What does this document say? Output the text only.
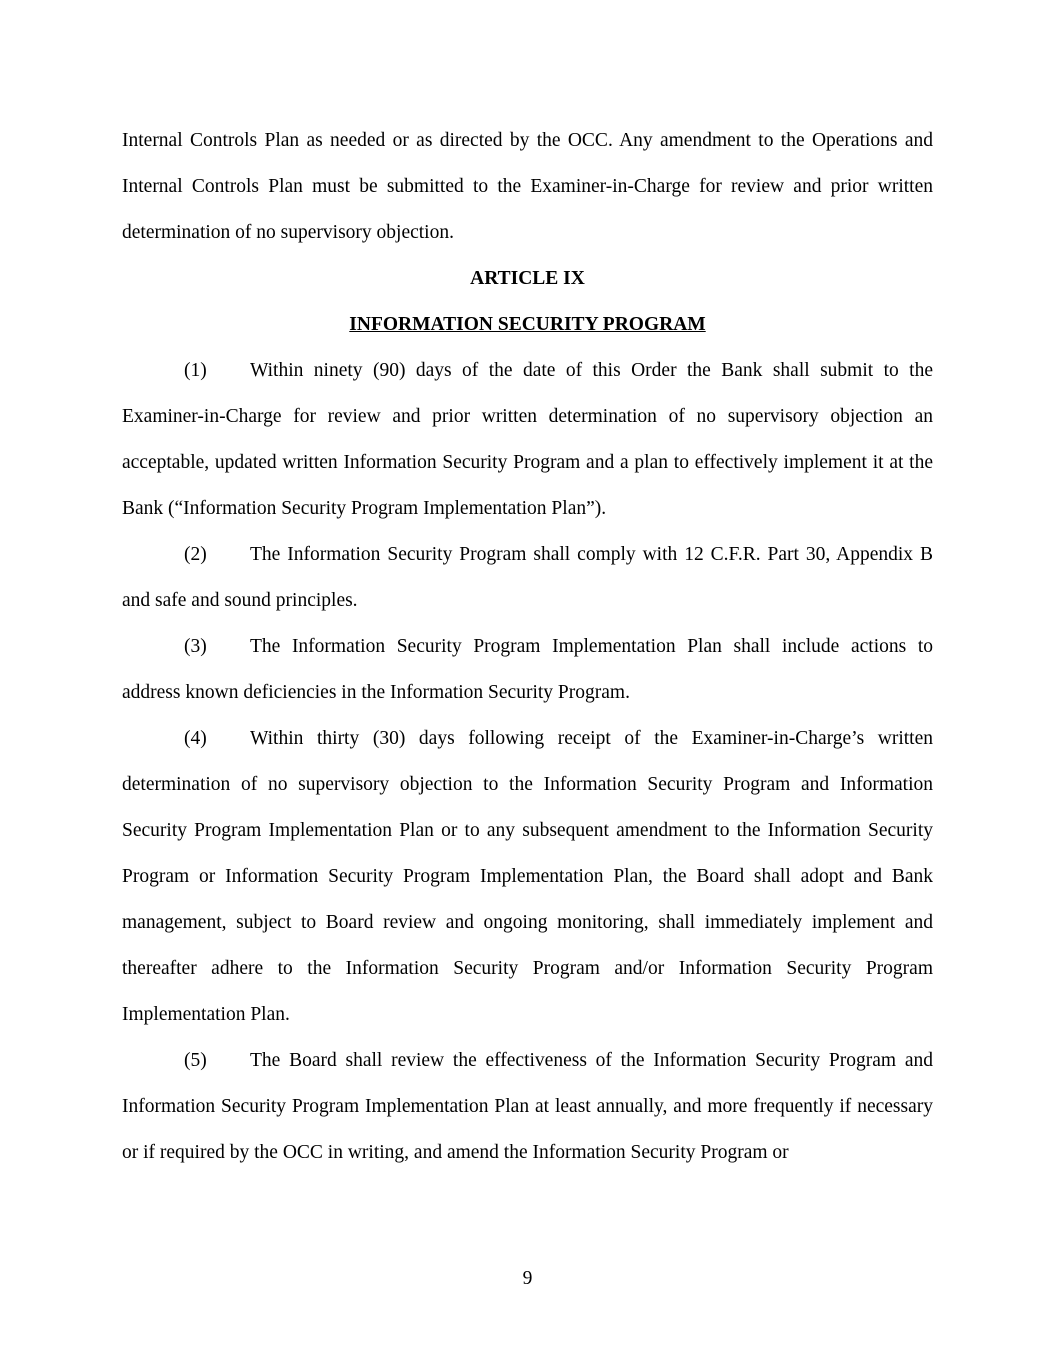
Internal Controls Plan as needed or as directed by the OCC. Any amendment to the Operations and Internal Controls Plan must be submitted to the Examiner-in-Charge for review and prior written determination of no supervisory objection.

ARTICLE IX

INFORMATION SECURITY PROGRAM

(1) Within ninety (90) days of the date of this Order the Bank shall submit to the Examiner-in-Charge for review and prior written determination of no supervisory objection an acceptable, updated written Information Security Program and a plan to effectively implement it at the Bank (“Information Security Program Implementation Plan”).

(2) The Information Security Program shall comply with 12 C.F.R. Part 30, Appendix B and safe and sound principles.

(3) The Information Security Program Implementation Plan shall include actions to address known deficiencies in the Information Security Program.

(4) Within thirty (30) days following receipt of the Examiner-in-Charge’s written determination of no supervisory objection to the Information Security Program and Information Security Program Implementation Plan or to any subsequent amendment to the Information Security Program or Information Security Program Implementation Plan, the Board shall adopt and Bank management, subject to Board review and ongoing monitoring, shall immediately implement and thereafter adhere to the Information Security Program and/or Information Security Program Implementation Plan.

(5) The Board shall review the effectiveness of the Information Security Program and Information Security Program Implementation Plan at least annually, and more frequently if necessary or if required by the OCC in writing, and amend the Information Security Program or

9
